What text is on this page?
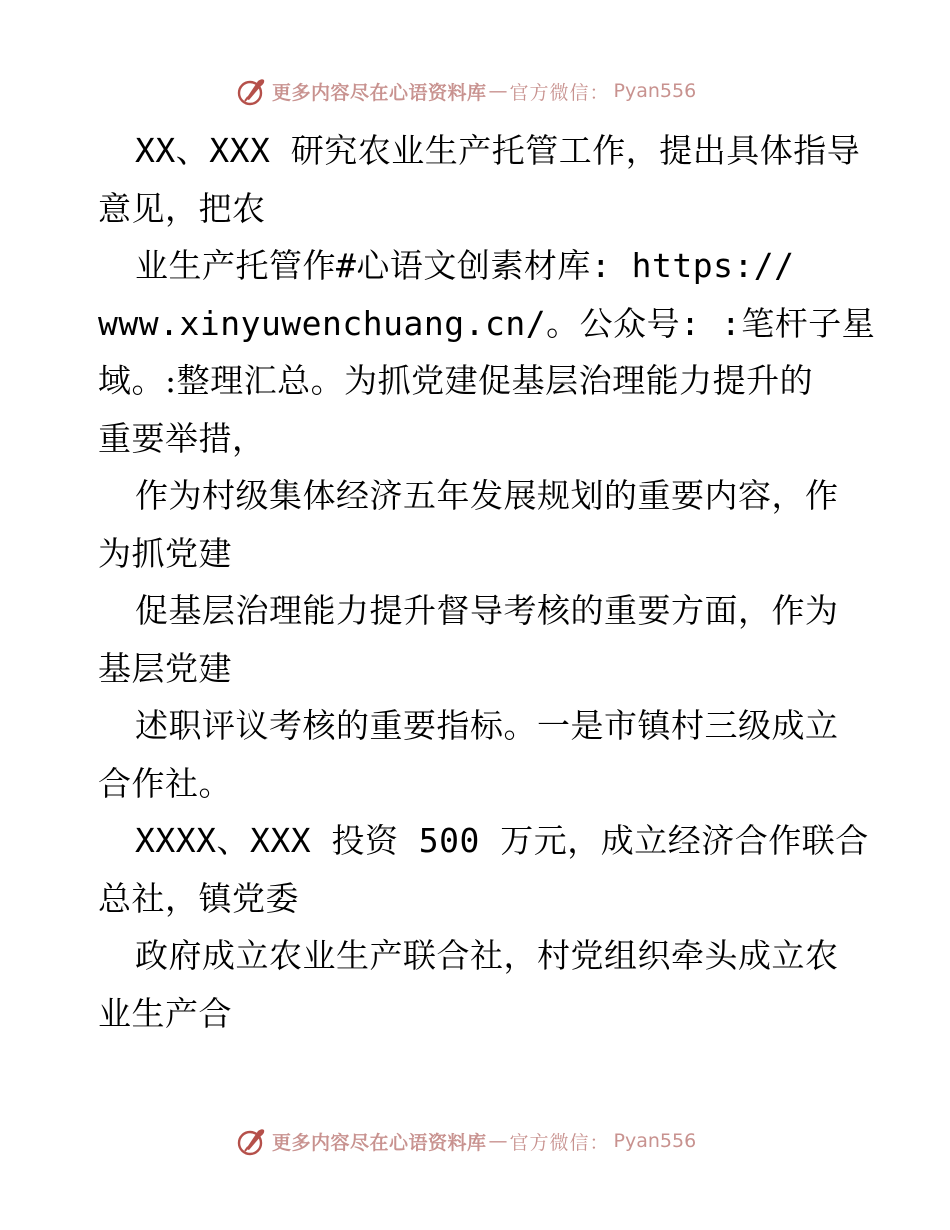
更多内容尽在心语资料库 — 官方微信： Pyan556
XX、XXX 研究农业生产托管工作，提出具体指导
意见，把农
业生产托管作#心语文创素材库: https://
www.xinyuwenchuang.cn/。公众号: :笔杆子星
域。:整理汇总。为抓党建促基层治理能力提升的
重要举措，
作为村级集体经济五年发展规划的重要内容，作
为抓党建
促基层治理能力提升督导考核的重要方面，作为
基层党建
述职评议考核的重要指标。一是市镇村三级成立
合作社。
XXXX、XXX 投资 500 万元，成立经济合作联合
总社，镇党委
政府成立农业生产联合社，村党组织牵头成立农
业生产合
更多内容尽在心语资料库 — 官方微信： Pyan556
